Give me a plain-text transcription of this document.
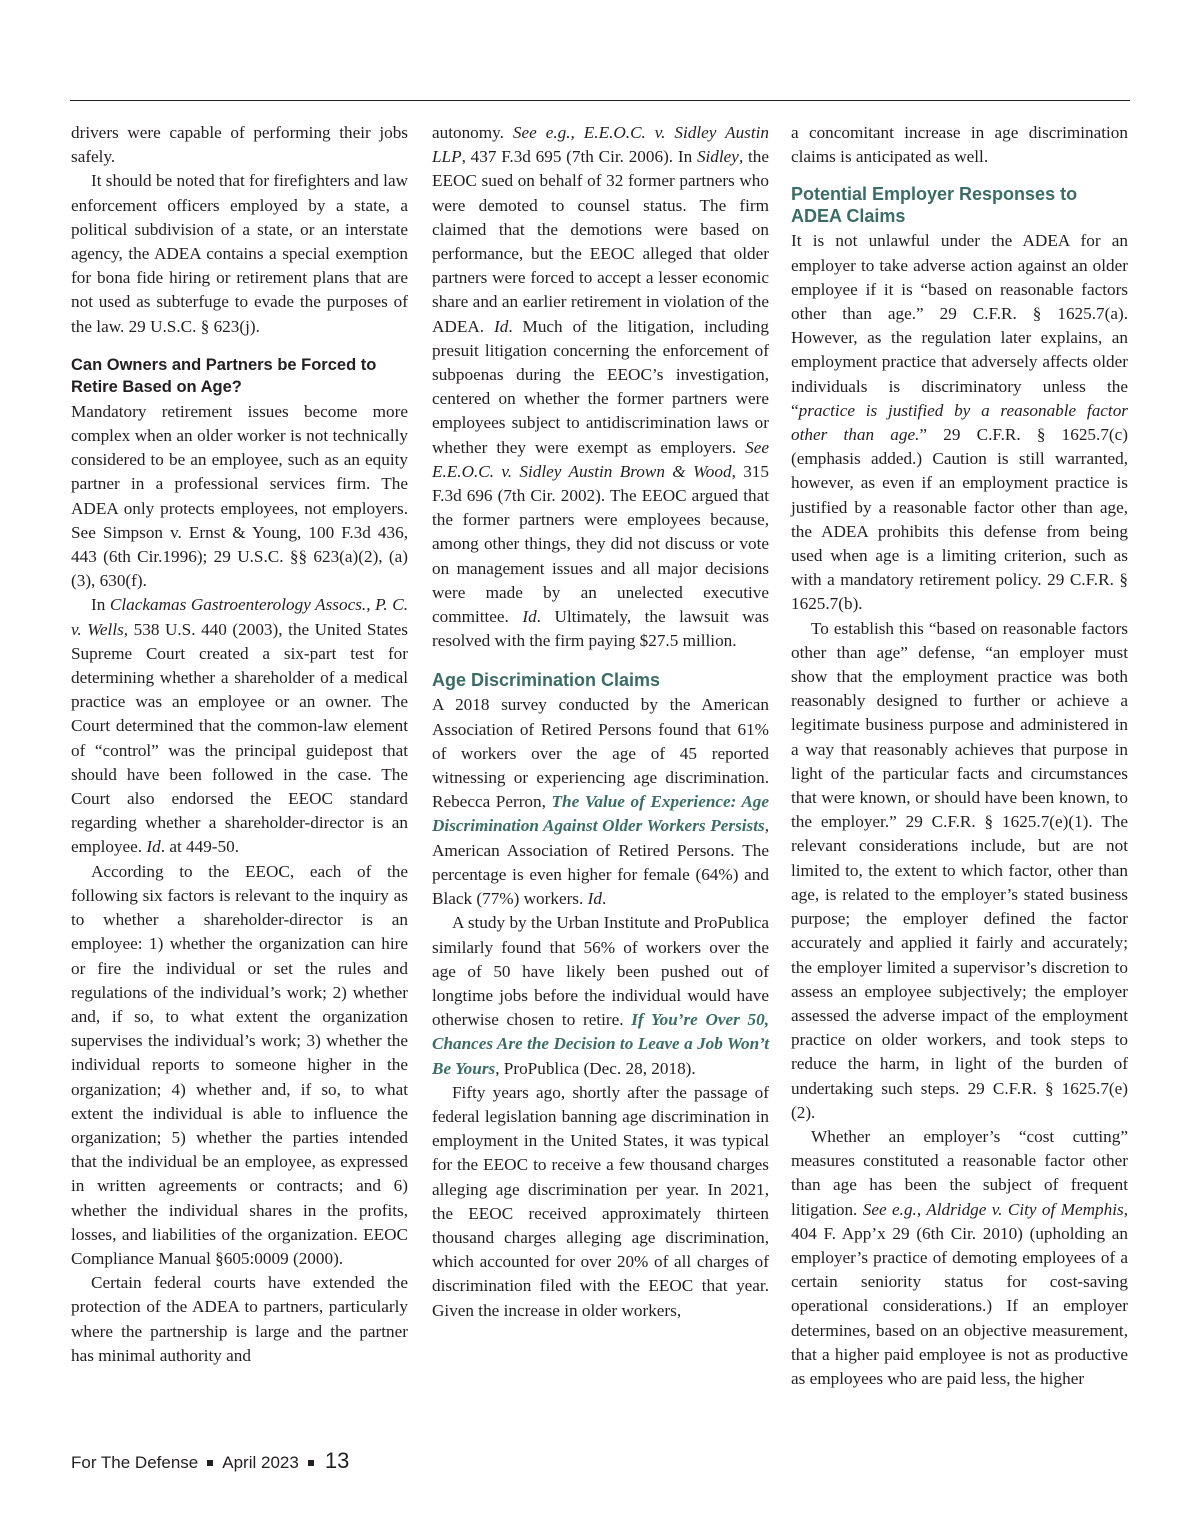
drivers were capable of performing their jobs safely.

It should be noted that for firefighters and law enforcement officers employed by a state, a political subdivision of a state, or an interstate agency, the ADEA contains a special exemption for bona fide hiring or retirement plans that are not used as subterfuge to evade the purposes of the law. 29 U.S.C. § 623(j).

Can Owners and Partners be Forced to Retire Based on Age?

Mandatory retirement issues become more complex when an older worker is not technically considered to be an employee, such as an equity partner in a professional services firm. The ADEA only protects employees, not employers. See Simpson v. Ernst & Young, 100 F.3d 436, 443 (6th Cir.1996); 29 U.S.C. §§ 623(a)(2), (a)(3), 630(f).

In Clackamas Gastroenterology Assocs., P. C. v. Wells, 538 U.S. 440 (2003), the United States Supreme Court created a six-part test for determining whether a shareholder of a medical practice was an employee or an owner. The Court determined that the common-law element of “control” was the principal guidepost that should have been followed in the case. The Court also endorsed the EEOC standard regarding whether a shareholder-director is an employee. Id. at 449-50.

According to the EEOC, each of the following six factors is relevant to the inquiry as to whether a shareholder-director is an employee: 1) whether the organization can hire or fire the individual or set the rules and regulations of the individual’s work; 2) whether and, if so, to what extent the organization supervises the individual’s work; 3) whether the individual reports to someone higher in the organization; 4) whether and, if so, to what extent the individual is able to influence the organization; 5) whether the parties intended that the individual be an employee, as expressed in written agreements or contracts; and 6) whether the individual shares in the profits, losses, and liabilities of the organization. EEOC Compliance Manual §605:0009 (2000).

Certain federal courts have extended the protection of the ADEA to partners, particularly where the partnership is large and the partner has minimal authority and

autonomy. See e.g., E.E.O.C. v. Sidley Austin LLP, 437 F.3d 695 (7th Cir. 2006). In Sidley, the EEOC sued on behalf of 32 former partners who were demoted to counsel status. The firm claimed that the demotions were based on performance, but the EEOC alleged that older partners were forced to accept a lesser economic share and an earlier retirement in violation of the ADEA. Id. Much of the litigation, including presuit litigation concerning the enforcement of subpoenas during the EEOC’s investigation, centered on whether the former partners were employees subject to antidiscrimination laws or whether they were exempt as employers. See E.E.O.C. v. Sidley Austin Brown & Wood, 315 F.3d 696 (7th Cir. 2002). The EEOC argued that the former partners were employees because, among other things, they did not discuss or vote on management issues and all major decisions were made by an unelected executive committee. Id. Ultimately, the lawsuit was resolved with the firm paying $27.5 million.

Age Discrimination Claims

A 2018 survey conducted by the American Association of Retired Persons found that 61% of workers over the age of 45 reported witnessing or experiencing age discrimination. Rebecca Perron, The Value of Experience: Age Discrimination Against Older Workers Persists, American Association of Retired Persons. The percentage is even higher for female (64%) and Black (77%) workers. Id.

A study by the Urban Institute and ProPublica similarly found that 56% of workers over the age of 50 have likely been pushed out of longtime jobs before the individual would have otherwise chosen to retire. If You’re Over 50, Chances Are the Decision to Leave a Job Won’t Be Yours, ProPublica (Dec. 28, 2018).

Fifty years ago, shortly after the passage of federal legislation banning age discrimination in employment in the United States, it was typical for the EEOC to receive a few thousand charges alleging age discrimination per year. In 2021, the EEOC received approximately thirteen thousand charges alleging age discrimination, which accounted for over 20% of all charges of discrimination filed with the EEOC that year. Given the increase in older workers,

a concomitant increase in age discrimination claims is anticipated as well.

Potential Employer Responses to ADEA Claims

It is not unlawful under the ADEA for an employer to take adverse action against an older employee if it is “based on reasonable factors other than age.” 29 C.F.R. § 1625.7(a). However, as the regulation later explains, an employment practice that adversely affects older individuals is discriminatory unless the “practice is justified by a reasonable factor other than age.” 29 C.F.R. § 1625.7(c) (emphasis added.) Caution is still warranted, however, as even if an employment practice is justified by a reasonable factor other than age, the ADEA prohibits this defense from being used when age is a limiting criterion, such as with a mandatory retirement policy. 29 C.F.R. § 1625.7(b).

To establish this “based on reasonable factors other than age” defense, “an employer must show that the employment practice was both reasonably designed to further or achieve a legitimate business purpose and administered in a way that reasonably achieves that purpose in light of the particular facts and circumstances that were known, or should have been known, to the employer.” 29 C.F.R. § 1625.7(e)(1). The relevant considerations include, but are not limited to, the extent to which factor, other than age, is related to the employer’s stated business purpose; the employer defined the factor accurately and applied it fairly and accurately; the employer limited a supervisor’s discretion to assess an employee subjectively; the employer assessed the adverse impact of the employment practice on older workers, and took steps to reduce the harm, in light of the burden of undertaking such steps. 29 C.F.R. § 1625.7(e)(2).

Whether an employer’s “cost cutting” measures constituted a reasonable factor other than age has been the subject of frequent litigation. See e.g., Aldridge v. City of Memphis, 404 F. App’x 29 (6th Cir. 2010) (upholding an employer’s practice of demoting employees of a certain seniority status for cost-saving operational considerations.) If an employer determines, based on an objective measurement, that a higher paid employee is not as productive as employees who are paid less, the higher

For The Defense April 2023 13
